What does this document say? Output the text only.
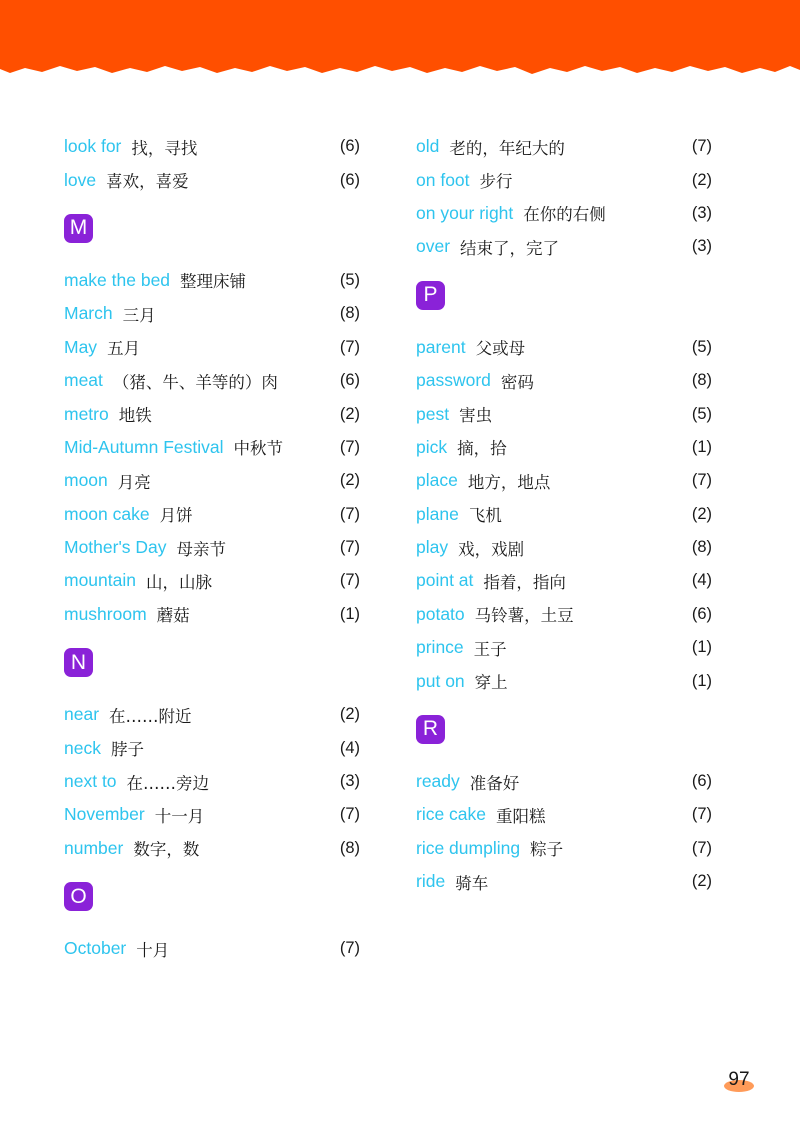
look for 找，寻找	(6)
love 喜欢，喜爱	(6)
M
make the bed 整理床铺	(5)
March 三月	(8)
May 五月	(7)
meat （猪、牛、羊等的）肉	(6)
metro 地铁	(2)
Mid-Autumn Festival 中秋节	(7)
moon 月亮	(2)
moon cake 月饼	(7)
Mother's Day 母亲节	(7)
mountain 山，山脉	(7)
mushroom 蘑菇	(1)
N
near 在……附近	(2)
neck 脖子	(4)
next to 在……旁边	(3)
November 十一月	(7)
number 数字，数	(8)
O
October 十月	(7)
old 老的，年纪大的	(7)
on foot 步行	(2)
on your right 在你的右侧	(3)
over 结束了，完了	(3)
P
parent 父或母	(5)
password 密码	(8)
pest 害虫	(5)
pick 摘，拾	(1)
place 地方，地点	(7)
plane 飞机	(2)
play 戏，戏剧	(8)
point at 指着，指向	(4)
potato 马铃薯，土豆	(6)
prince 王子	(1)
put on 穿上	(1)
R
ready 准备好	(6)
rice cake 重阳糕	(7)
rice dumpling 粽子	(7)
ride 骑车	(2)
97
